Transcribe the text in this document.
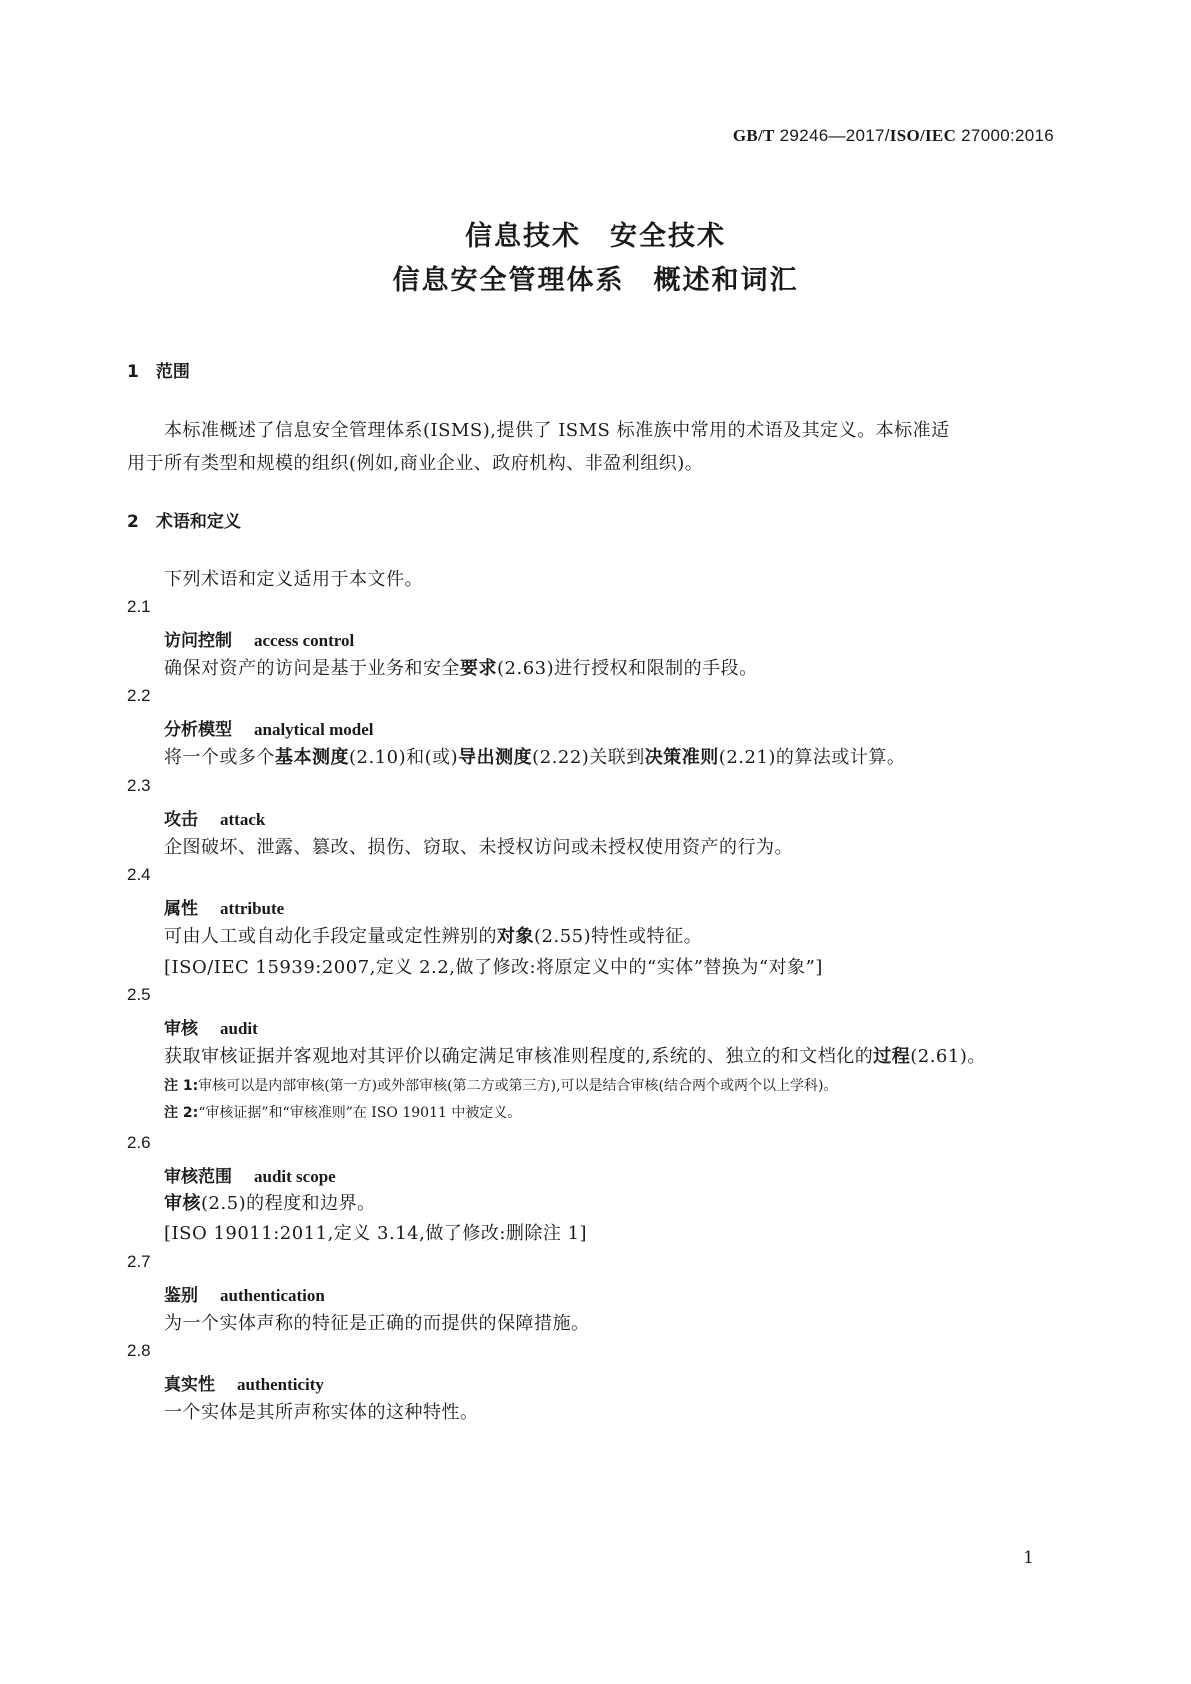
GB/T 29246—2017/ISO/IEC 27000:2016
信息技术　安全技术
信息安全管理体系　概述和词汇
1　范围
本标准概述了信息安全管理体系(ISMS),提供了 ISMS 标准族中常用的术语及其定义。本标准适
用于所有类型和规模的组织(例如,商业企业、政府机构、非盈利组织)。
2　术语和定义
下列术语和定义适用于本文件。
2.1
访问控制 access control
确保对资产的访问是基于业务和安全要求(2.63)进行授权和限制的手段。
2.2
分析模型 analytical model
将一个或多个基本测度(2.10)和(或)导出测度(2.22)关联到决策准则(2.21)的算法或计算。
2.3
攻击 attack
企图破坏、泄露、篡改、损伤、窃取、未授权访问或未授权使用资产的行为。
2.4
属性 attribute
可由人工或自动化手段定量或定性辨别的对象(2.55)特性或特征。
[ISO/IEC 15939:2007,定义 2.2,做了修改:将原定义中的“实体”替换为“对象”]
2.5
审核 audit
获取审核证据并客观地对其评价以确定满足审核准则程度的,系统的、独立的和文档化的过程(2.61)。
注 1:审核可以是内部审核(第一方)或外部审核(第二方或第三方),可以是结合审核(结合两个或两个以上学科)。
注 2:“审核证据”和“审核准则”在 ISO 19011 中被定义。
2.6
审核范围 audit scope
审核(2.5)的程度和边界。
[ISO 19011:2011,定义 3.14,做了修改:删除注 1]
2.7
鉴别 authentication
为一个实体声称的特征是正确的而提供的保障措施。
2.8
真实性 authenticity
一个实体是其所声称实体的这种特性。
1
